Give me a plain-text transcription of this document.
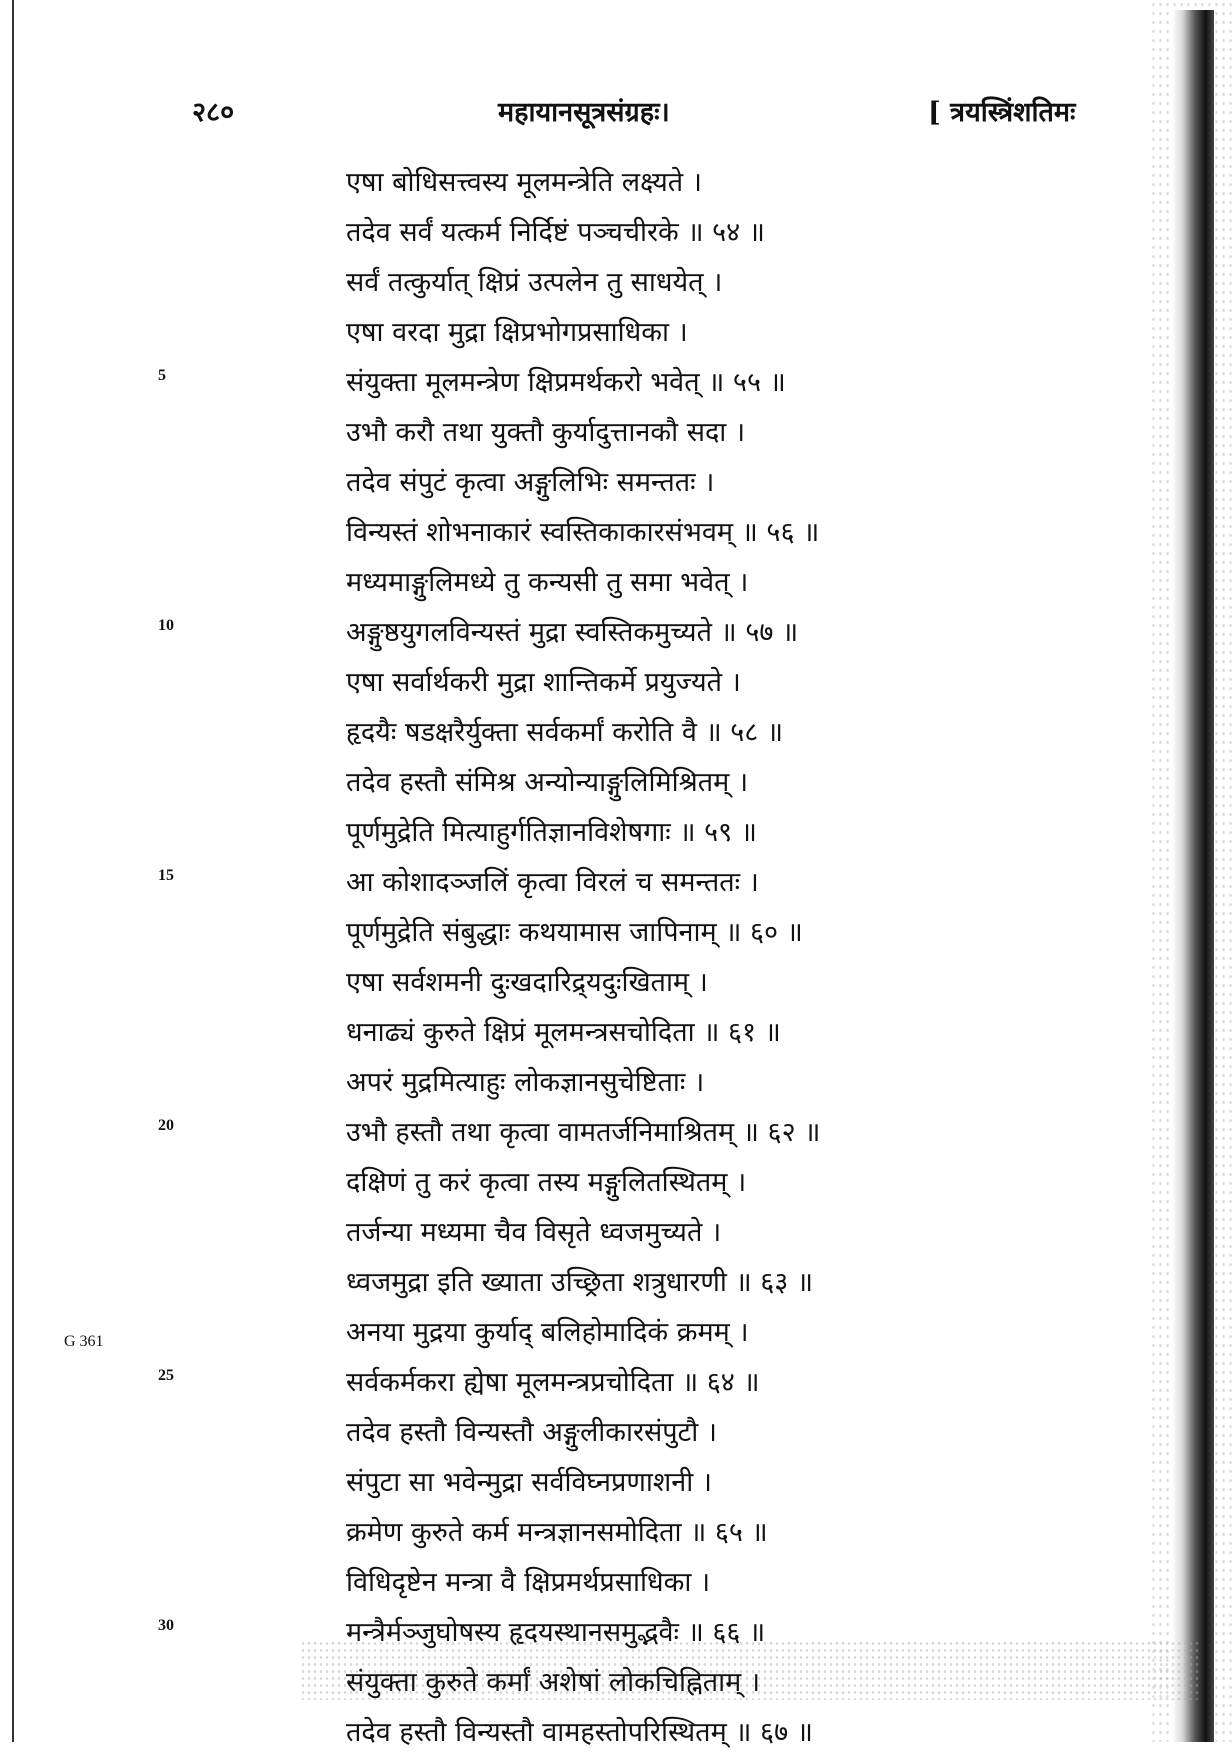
२८०	महायानसूत्रसंग्रहः।	[ त्रयस्त्रिंशतिमः
एषा बोधिसत्त्वस्य मूलमन्त्रेति लक्ष्यते ।
तदेव सर्वं यत्कर्म निर्दिष्टं पञ्चचीरके ॥ ५४ ॥
सर्वं तत्कुर्यात् क्षिप्रं उत्पलेन तु साधयेत् ।
एषा वरदा मुद्रा क्षिप्रभोगप्रसाधिका ।
संयुक्ता मूलमन्त्रेण क्षिप्रमर्थकरो भवेत् ॥ ५५ ॥
उभौ करौ तथा युक्तौ कुर्यादुत्तानकौ सदा ।
तदेव संपुटं कृत्वा अङ्गुलिभिः समन्ततः ।
विन्यस्तं शोभनाकारं स्वस्तिकाकारसंभवम् ॥ ५६ ॥
मध्यमाङ्गुलिमध्ये तु कन्यसी तु समा भवेत् ।
अङ्गुष्ठयुगलविन्यस्तं मुद्रा स्वस्तिकमुच्यते ॥ ५७ ॥
एषा सर्वार्थकरी मुद्रा शान्तिकर्मे प्रयुज्यते ।
हृदयैः षडक्षरैर्युक्ता सर्वकर्मां करोति वै ॥ ५८ ॥
तदेव हस्तौ संमिश्र अन्योन्याङ्गुलिमिश्रितम् ।
पूर्णमुद्रेति मित्याहुर्गतिज्ञानविशेषगाः ॥ ५९ ॥
आ कोशादञ्जलिं कृत्वा विरलं च समन्ततः ।
पूर्णमुद्रेति संबुद्धाः कथयामास जापिनाम् ॥ ६० ॥
एषा सर्वशमनी दुःखदारिद्र्यदुःखिताम् ।
धनाढ्यं कुरुते क्षिप्रं मूलमन्त्रसचोदिता ॥ ६१ ॥
अपरं मुद्रमित्याहुः लोकज्ञानसुचेष्टिताः ।
उभौ हस्तौ तथा कृत्वा वामतर्जनिमाश्रितम् ॥ ६२ ॥
दक्षिणं तु करं कृत्वा तस्य मङ्गुलितस्थितम् ।
तर्जन्या मध्यमा चैव विसृते ध्वजमुच्यते ।
ध्वजमुद्रा इति ख्याता उच्छ्रिता शत्रुधारणी ॥ ६३ ॥
अनया मुद्रया कुर्याद् बलिहोमादिकं क्रमम् ।
सर्वकर्मकरा ह्येषा मूलमन्त्रप्रचोदिता ॥ ६४ ॥
तदेव हस्तौ विन्यस्तौ अङ्गुलीकारसंपुटौ ।
संपुटा सा भवेन्मुद्रा सर्वविघ्नप्रणाशनी ।
क्रमेण कुरुते कर्म मन्त्रज्ञानसमोदिता ॥ ६५ ॥
विधिदृष्टेन मन्त्रा वै क्षिप्रमर्थप्रसाधिका ।
मन्त्रैर्मञ्जुघोषस्य हृदयस्थानसमुद्भवैः ॥ ६६ ॥
संयुक्ता कुरुते कर्मां अशेषां लोकचिह्निताम् ।
तदेव हस्तौ विन्यस्तौ वामहस्तोपरिस्थितम् ॥ ६७ ॥
5
10
15
20
25
30
G 361
